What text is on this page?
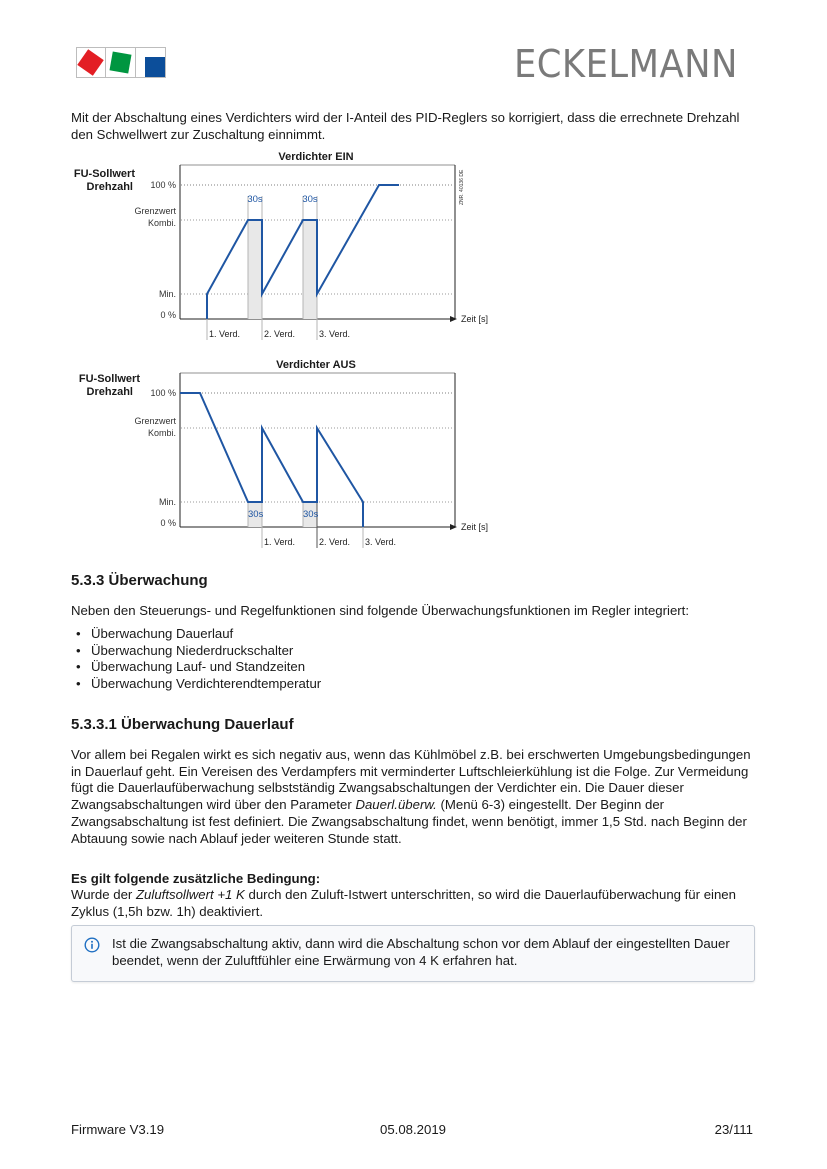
ECKELMANN
Mit der Abschaltung eines Verdichters wird der I-Anteil des PID-Reglers so korrigiert, dass die errechnete Drehzahl den Schwellwert zur Zuschaltung einnimmt.
Verdichter EIN
FU-Sollwert
Drehzahl 100 %
Grenzwert
Kombi.
Min.
0 %
30s	30s
Zeit [s]
1. Verd.	2. Verd.	3. Verd.
ZNR. 40136 DE
Verdichter AUS
FU-Sollwert
Drehzahl 100 %
Grenzwert
Kombi.
Min.
0 %
30s	30s
Zeit [s]
1. Verd.	2. Verd. 3. Verd.
5.3.3 Überwachung
Neben den Steuerungs- und Regelfunktionen sind folgende Überwachungsfunktionen im Regler integriert:
• Überwachung Dauerlauf
• Überwachung Niederdruckschalter
• Überwachung Lauf- und Standzeiten
• Überwachung Verdichterendtemperatur
5.3.3.1 Überwachung Dauerlauf
Vor allem bei Regalen wirkt es sich negativ aus, wenn das Kühlmöbel z.B. bei erschwerten Umgebungsbedingungen in Dauerlauf geht. Ein Vereisen des Verdampfers mit verminderter Luftschleierkühlung ist die Folge. Zur Vermeidung fügt die Dauerlaufüberwachung selbstständig Zwangsabschaltungen der Verdichter ein. Die Dauer dieser Zwangsabschaltungen wird über den Parameter Dauerl.überw. (Menü 6-3) eingestellt. Der Beginn der Zwangsabschaltung ist fest definiert. Die Zwangsabschaltung findet, wenn benötigt, immer 1,5 Std. nach Beginn der Abtauung sowie nach Ablauf jeder weiteren Stunde statt.
Es gilt folgende zusätzliche Bedingung:
Wurde der Zuluftsollwert +1 K durch den Zuluft-Istwert unterschritten, so wird die Dauerlaufüberwachung für einen Zyklus (1,5h bzw. 1h) deaktiviert.
Ist die Zwangsabschaltung aktiv, dann wird die Abschaltung schon vor dem Ablauf der eingestellten Dauer beendet, wenn der Zuluftfühler eine Erwärmung von 4 K erfahren hat.
Firmware V3.19	05.08.2019	23/111
